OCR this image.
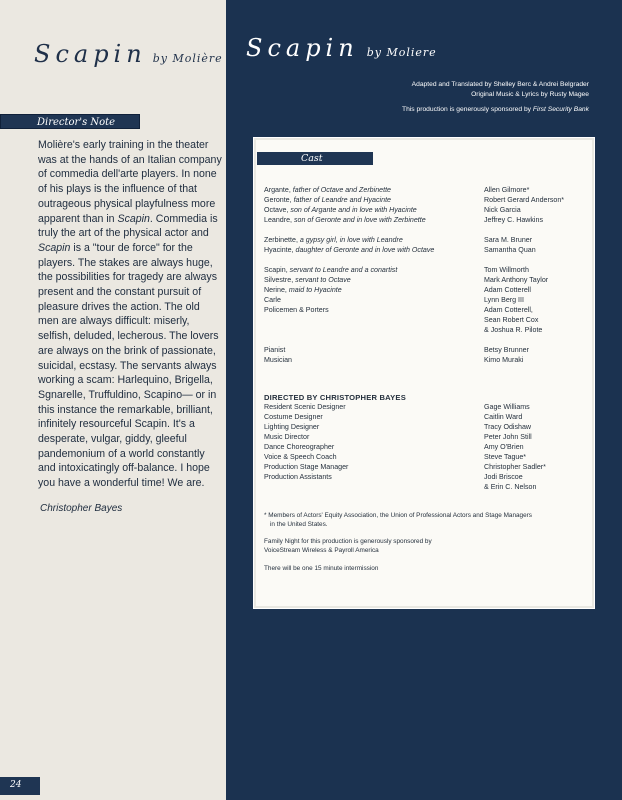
Scapin by Molière
Director's Note
Molière's early training in the theater was at the hands of an Italian company of commedia dell'arte players. In none of his plays is the influence of that outrageous physical playfulness more apparent than in Scapin. Commedia is truly the art of the physical actor and Scapin is a "tour de force" for the players. The stakes are always huge, the possibilities for tragedy are always present and the constant pursuit of pleasure drives the action. The old men are always difficult: miserly, selfish, deluded, lecherous. The lovers are always on the brink of passionate, suicidal, ecstasy. The servants always working a scam: Harlequino, Brigella, Sgnarelle, Truffuldino, Scapino— or in this instance the remarkable, brilliant, infinitely resourceful Scapin. It's a desperate, vulgar, giddy, gleeful pandemonium of a world constantly and intoxicatingly off-balance. I hope you have a wonderful time! We are.
Christopher Bayes
24
Scapin by Moliere
Adapted and Translated by Shelley Berc & Andrei Belgrader
Original Music & Lyrics by Rusty Magee
This production is generously sponsored by First Security Bank
Cast
DIRECTED BY CHRISTOPHER BAYES
* Members of Actors' Equity Association, the Union of Professional Actors and Stage Managers
in the United States.
Family Night for this production is generously sponsored by
VoiceStream Wireless & Payroll America
There will be one 15 minute intermission
Argante, father of Octave and Zerbinette	Allen Gilmore*
Geronte, father of Leandre and Hyacinte	Robert Gerard Anderson*
Octave, son of Argante and in love with Hyacinte	Nick Garcia
Leandre, son of Geronte and in love with Zerbinette	Jeffrey C. Hawkins
Zerbinette, a gypsy girl, in love with Leandre	Sara M. Bruner
Hyacinte, daughter of Geronte and in love with Octave	Samantha Quan
Scapin, servant to Leandre and a conartist	Tom Willmorth
Silvestre, servant to Octave	Mark Anthony Taylor
Nerine, maid to Hyacinte	Adam Cotterell
Carle	Lynn Berg III
Policemen & Porters	Adam Cotterell,
Sean Robert Cox
& Joshua R. Pilote
Pianist	Betsy Brunner
Musician	Kimo Muraki
Resident Scenic Designer	Gage Williams
Costume Designer	Caitlin Ward
Lighting Designer	Tracy Odishaw
Music Director	Peter John Still
Dance Choreographer	Amy O'Brien
Voice & Speech Coach	Steve Tague*
Production Stage Manager	Christopher Sadler*
Production Assistants	Jodi Briscoe
& Erin C. Nelson
